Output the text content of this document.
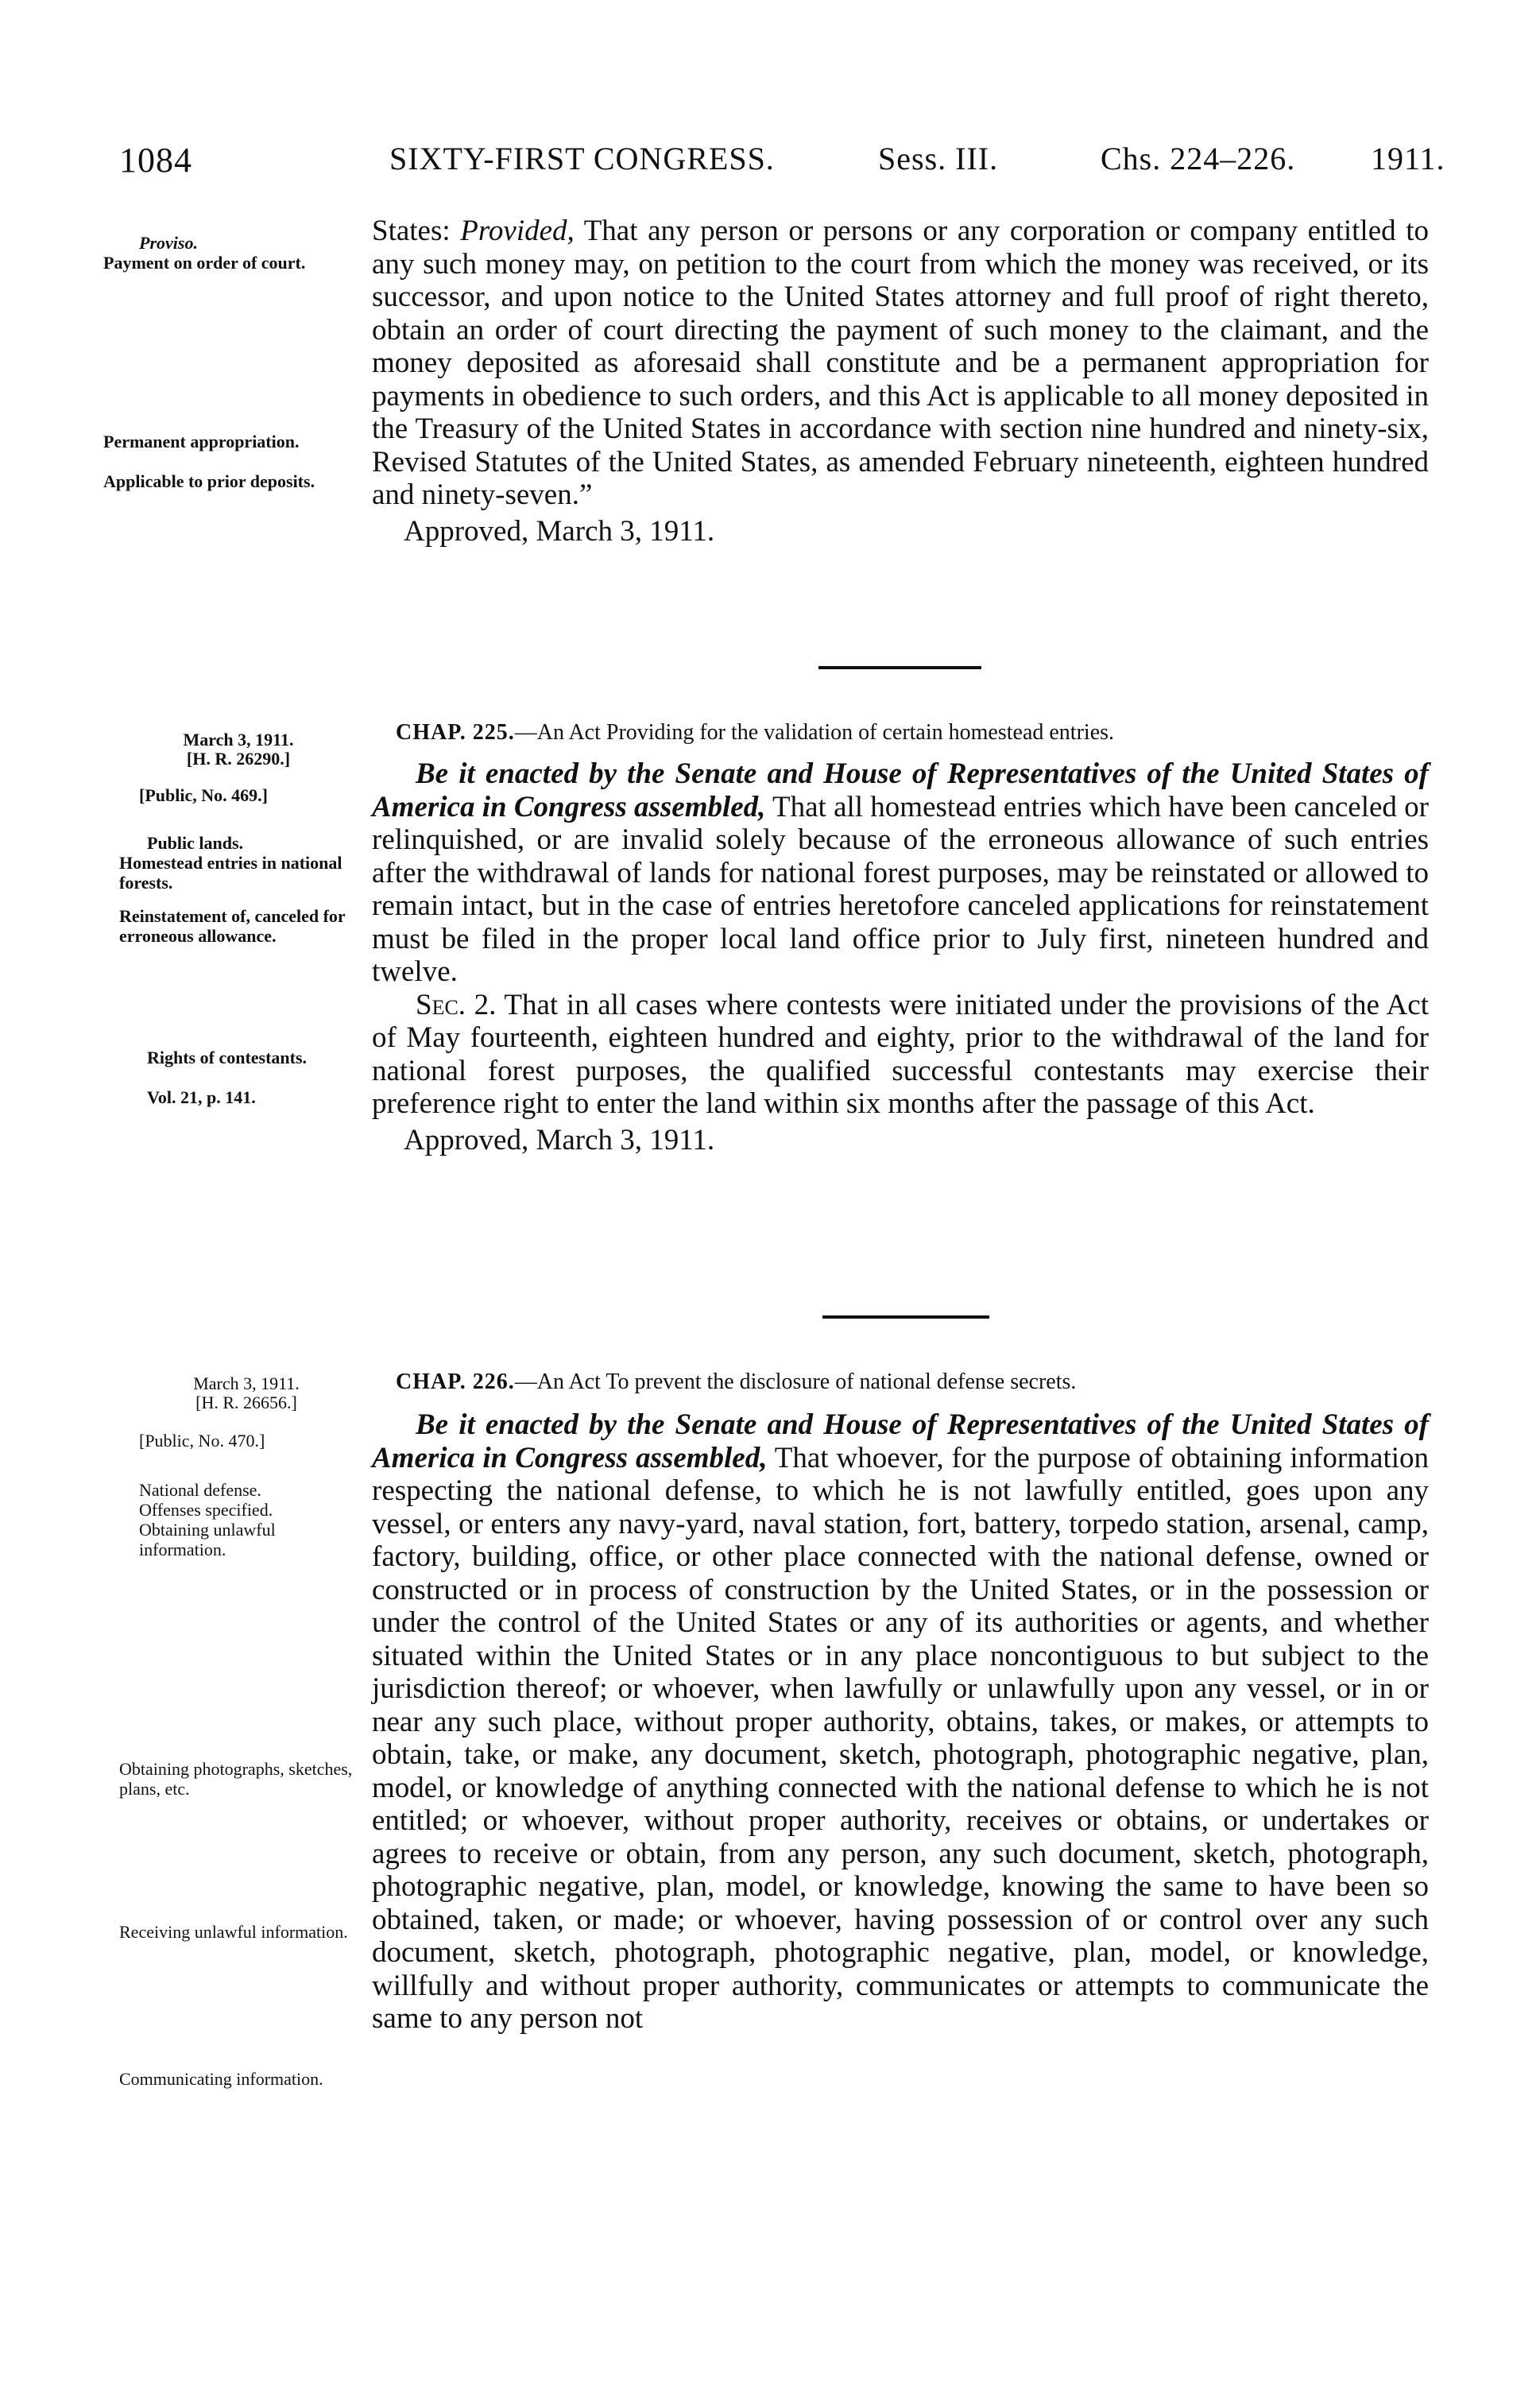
1084	SIXTY-FIRST CONGRESS.	Sess. III.	Chs. 224–226. 1911.
Proviso.
Payment on order of court.
Permanent appropriation.
Applicable to prior deposits.

States: Provided, That any person or persons or any corporation or company entitled to any such money may, on petition to the court from which the money was received, or its successor, and upon notice to the United States attorney and full proof of right thereto, obtain an order of court directing the payment of such money to the claimant, and the money deposited as aforesaid shall constitute and be a permanent appropriation for payments in obedience to such orders, and this Act is applicable to all money deposited in the Treasury of the United States in accordance with section nine hundred and ninety-six, Revised Statutes of the United States, as amended February nineteenth, eighteen hundred and ninety-seven.”

Approved, March 3, 1911.

March 3, 1911.
[H. R. 26290.]
[Public, No. 469.]
Public lands.
Homestead entries in national forests.
Reinstatement of, canceled for erroneous allowance.
Rights of contestants.
Vol. 21, p. 141.

CHAP. 225.—An Act Providing for the validation of certain homestead entries.

Be it enacted by the Senate and House of Representatives of the United States of America in Congress assembled, That all homestead entries which have been canceled or relinquished, or are invalid solely because of the erroneous allowance of such entries after the withdrawal of lands for national forest purposes, may be reinstated or allowed to remain intact, but in the case of entries heretofore canceled applications for reinstatement must be filed in the proper local land office prior to July first, nineteen hundred and twelve.

Sec. 2. That in all cases where contests were initiated under the provisions of the Act of May fourteenth, eighteen hundred and eighty, prior to the withdrawal of the land for national forest purposes, the qualified successful contestants may exercise their preference right to enter the land within six months after the passage of this Act.

Approved, March 3, 1911.

March 3, 1911.
[H. R. 26656.]
[Public, No. 470.]
National defense.
Offenses specified.
Obtaining unlawful information.
Obtaining photographs, sketches, plans, etc.
Receiving unlawful information.
Communicating information.

CHAP. 226.—An Act To prevent the disclosure of national defense secrets.

Be it enacted by the Senate and House of Representatives of the United States of America in Congress assembled, That whoever, for the purpose of obtaining information respecting the national defense, to which he is not lawfully entitled, goes upon any vessel, or enters any navy-yard, naval station, fort, battery, torpedo station, arsenal, camp, factory, building, office, or other place connected with the national defense, owned or constructed or in process of construction by the United States, or in the possession or under the control of the United States or any of its authorities or agents, and whether situated within the United States or in any place noncontiguous to but subject to the jurisdiction thereof; or whoever, when lawfully or unlawfully upon any vessel, or in or near any such place, without proper authority, obtains, takes, or makes, or attempts to obtain, take, or make, any document, sketch, photograph, photographic negative, plan, model, or knowledge of anything connected with the national defense to which he is not entitled; or whoever, without proper authority, receives or obtains, or undertakes or agrees to receive or obtain, from any person, any such document, sketch, photograph, photographic negative, plan, model, or knowledge, knowing the same to have been so obtained, taken, or made; or whoever, having possession of or control over any such document, sketch, photograph, photographic negative, plan, model, or knowledge, willfully and without proper authority, communicates or attempts to communicate the same to any person not
